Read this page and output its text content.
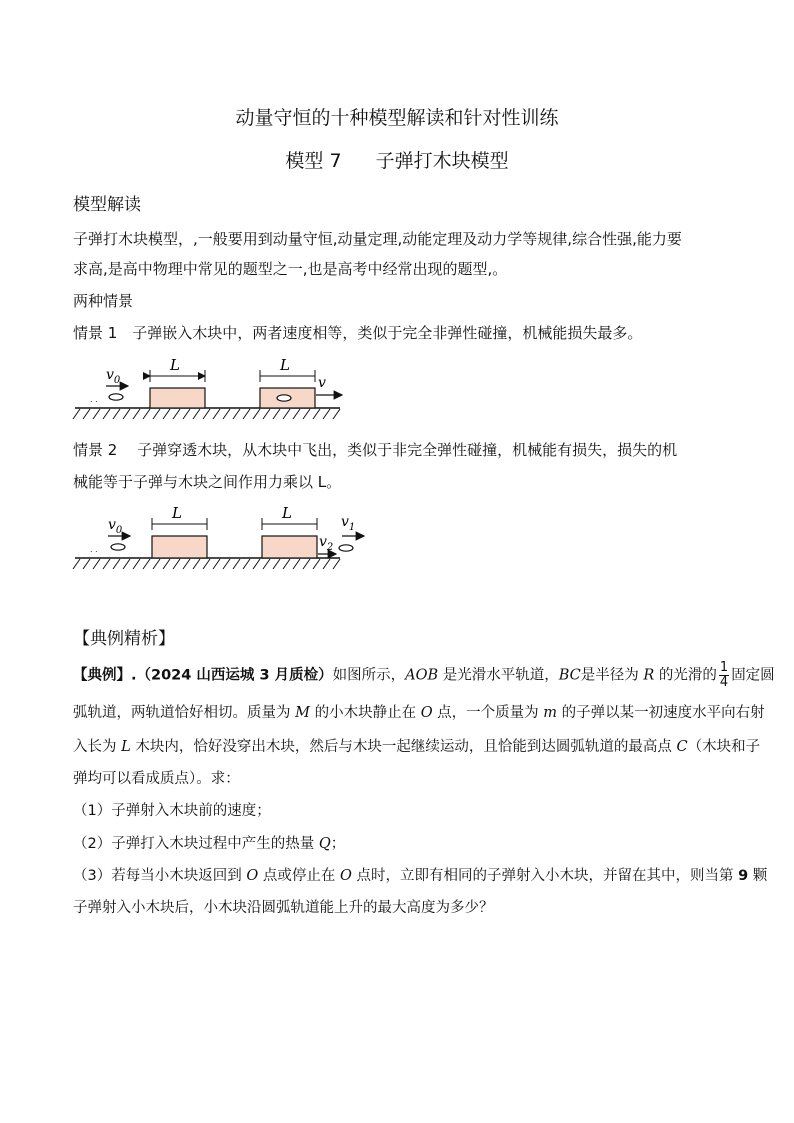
动量守恒的十种模型解读和针对性训练
模型 7 子弹打木块模型
模型解读
子弹打木块模型，,一般要用到动量守恒,动量定理,动能定理及动力学等规律,综合性强,能力要
求高,是高中物理中常见的题型之一,也是高考中经常出现的题型,。
两种情景
情景 1　子弹嵌入木块中，两者速度相等，类似于完全非弹性碰撞，机械能损失最多。
$v_0$
. .
L	L
v
情景 2　 子弹穿透木块，从木块中飞出，类似于非完全弹性碰撞，机械能有损失，损失的机
械能等于子弹与木块之间作用力乘以 L。
$v_0$
. .
L	L
$v_2$
$v_1$
【典例精析】
【典例】.（2024 山西运城 3 月质检）如图所示，AOB 是光滑水平轨道，BC是半径为 R 的光滑的 $\frac{1}{4}$ 固定圆
弧轨道，两轨道恰好相切。质量为 M 的小木块静止在 O 点，一个质量为 m 的子弹以某一初速度水平向右射
入长为 L 木块内，恰好没穿出木块，然后与木块一起继续运动，且恰能到达圆弧轨道的最高点 C（木块和子
弹均可以看成质点）。求：
（1）子弹射入木块前的速度；
（2）子弹打入木块过程中产生的热量 Q；
（3）若每当小木块返回到 O 点或停止在 O 点时，立即有相同的子弹射入小木块，并留在其中，则当第 9 颗
子弹射入小木块后，小木块沿圆弧轨道能上升的最大高度为多少？
